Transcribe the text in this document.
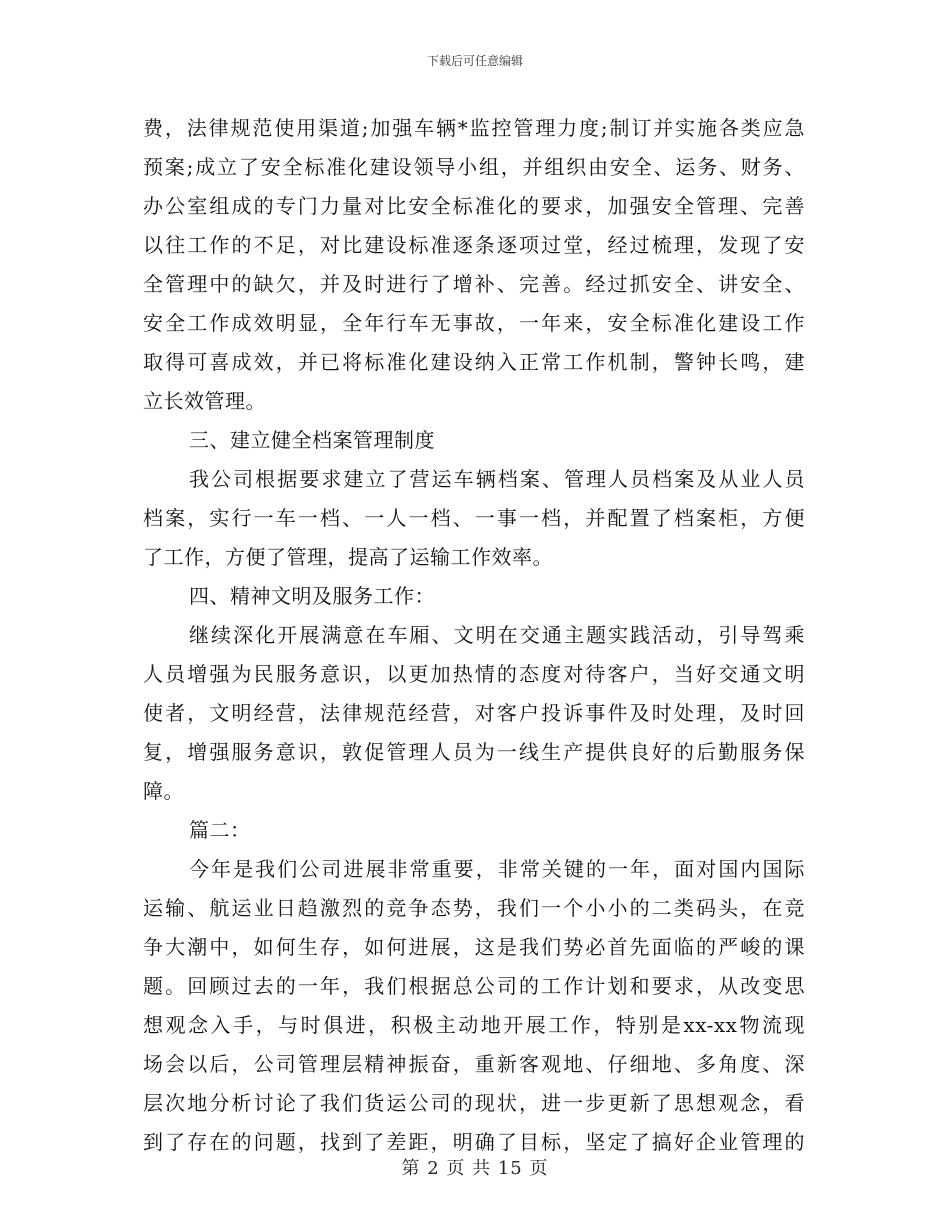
下载后可任意编辑
费，法律规范使用渠道;加强车辆*监控管理力度;制订并实施各类应急
预案;成立了安全标准化建设领导小组，并组织由安全、运务、财务、
办公室组成的专门力量对比安全标准化的要求，加强安全管理、完善
以往工作的不足，对比建设标准逐条逐项过堂，经过梳理，发现了安
全管理中的缺欠，并及时进行了增补、完善。经过抓安全、讲安全、
安全工作成效明显，全年行车无事故，一年来，安全标准化建设工作
取得可喜成效，并已将标准化建设纳入正常工作机制，警钟长鸣，建
立长效管理。
三、建立健全档案管理制度
我公司根据要求建立了营运车辆档案、管理人员档案及从业人员
档案，实行一车一档、一人一档、一事一档，并配置了档案柜，方便
了工作，方便了管理，提高了运输工作效率。
四、精神文明及服务工作：
继续深化开展满意在车厢、文明在交通主题实践活动，引导驾乘
人员增强为民服务意识，以更加热情的态度对待客户，当好交通文明
使者，文明经营，法律规范经营，对客户投诉事件及时处理，及时回
复，增强服务意识，敦促管理人员为一线生产提供良好的后勤服务保
障。
篇二：
今年是我们公司进展非常重要，非常关键的一年，面对国内国际
运输、航运业日趋激烈的竞争态势，我们一个小小的二类码头，在竞
争大潮中，如何生存，如何进展，这是我们势必首先面临的严峻的课
题。回顾过去的一年，我们根据总公司的工作计划和要求，从改变思
想观念入手，与时俱进，积极主动地开展工作，特别是xx-xx物流现
场会以后，公司管理层精神振奋，重新客观地、仔细地、多角度、深
层次地分析讨论了我们货运公司的现状，进一步更新了思想观念，看
到了存在的问题，找到了差距，明确了目标，坚定了搞好企业管理的
第 2 页 共 15 页
